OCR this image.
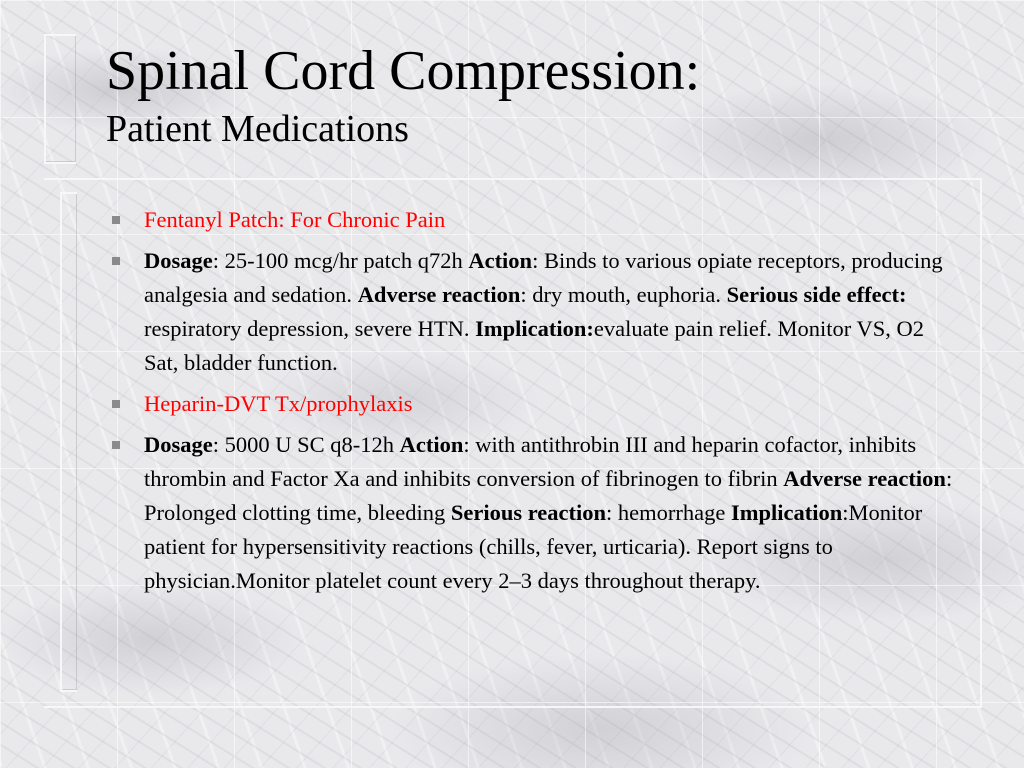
Spinal Cord Compression:
Patient Medications
Fentanyl Patch: For Chronic Pain
Dosage: 25-100 mcg/hr patch q72h Action: Binds to various opiate receptors, producing analgesia and sedation. Adverse reaction: dry mouth, euphoria. Serious side effect: respiratory depression, severe HTN. Implication:evaluate pain relief. Monitor VS, O2 Sat, bladder function.
Heparin-DVT Tx/prophylaxis
Dosage: 5000 U SC q8-12h Action: with antithrobin III and heparin cofactor, inhibits thrombin and Factor Xa and inhibits conversion of fibrinogen to fibrin Adverse reaction: Prolonged clotting time, bleeding Serious reaction: hemorrhage Implication:Monitor patient for hypersensitivity reactions (chills, fever, urticaria). Report signs to physician.Monitor platelet count every 2–3 days throughout therapy.
